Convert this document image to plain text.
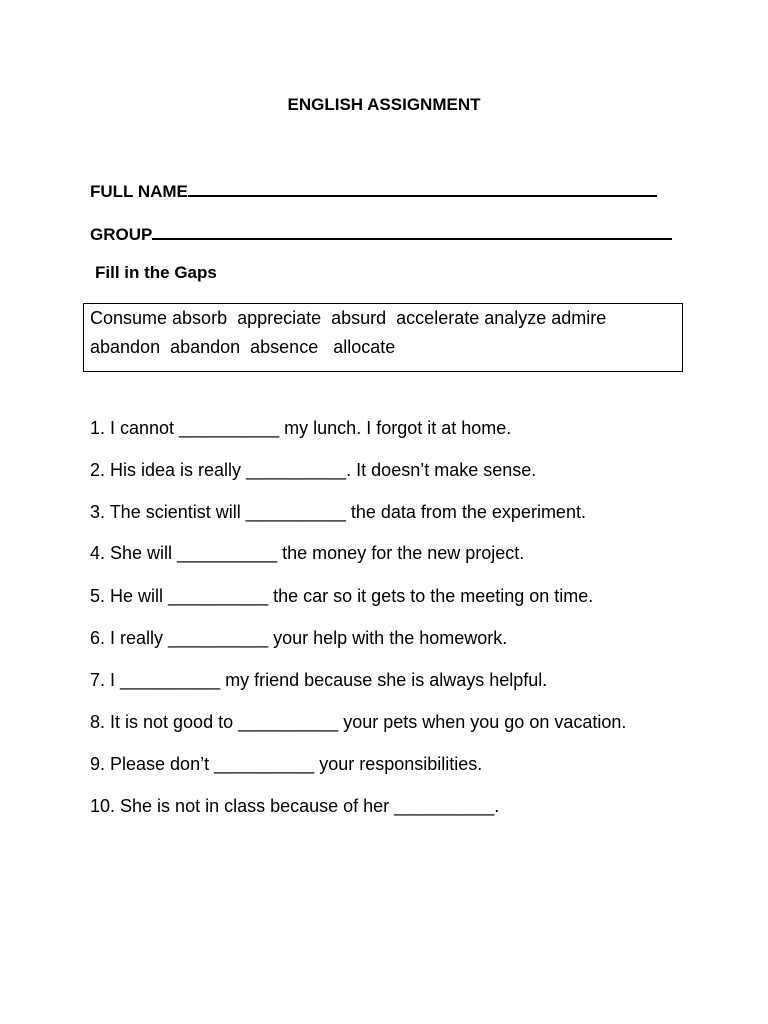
ENGLISH ASSIGNMENT
FULL NAME
GROUP
Fill in the Gaps
Consume absorb  appreciate  absurd  accelerate analyze admire
abandon  abandon  absence   allocate
1. I cannot __________ my lunch. I forgot it at home.
2. His idea is really __________. It doesn’t make sense.
3. The scientist will __________ the data from the experiment.
4. She will __________ the money for the new project.
5. He will __________ the car so it gets to the meeting on time.
6. I really __________ your help with the homework.
7. I __________ my friend because she is always helpful.
8. It is not good to __________ your pets when you go on vacation.
9. Please don’t __________ your responsibilities.
10. She is not in class because of her __________.
